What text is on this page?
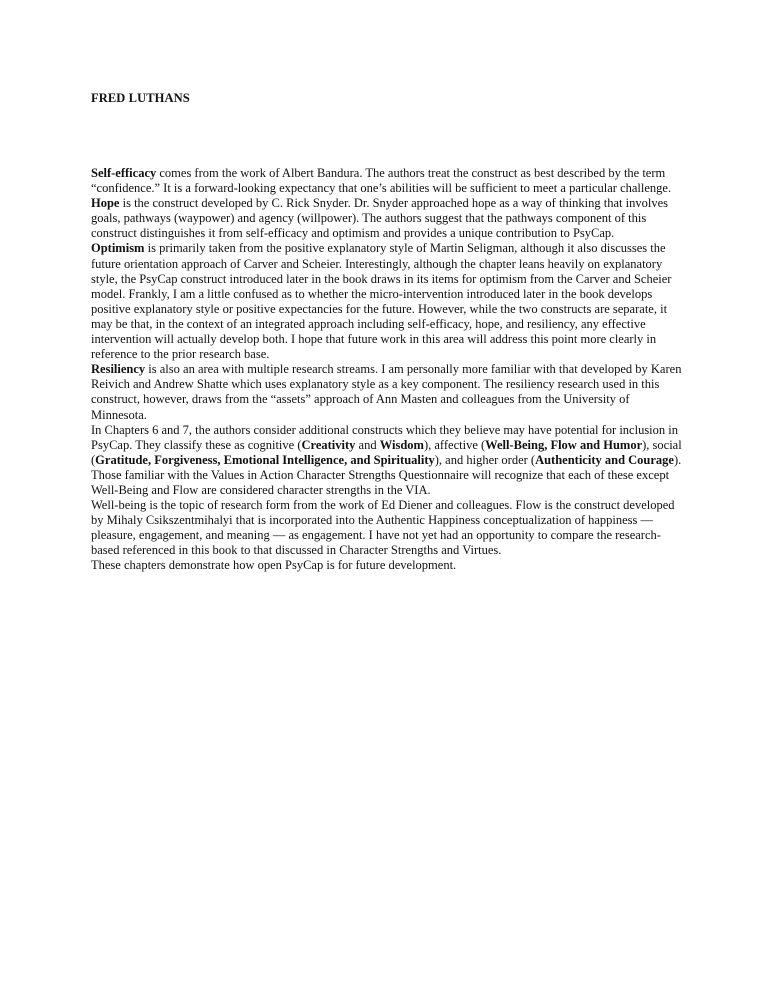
FRED LUTHANS

Self-efficacy comes from the work of Albert Bandura. The authors treat the construct as best described by the term “confidence.” It is a forward-looking expectancy that one’s abilities will be sufficient to meet a particular challenge.

Hope is the construct developed by C. Rick Snyder. Dr. Snyder approached hope as a way of thinking that involves goals, pathways (waypower) and agency (willpower). The authors suggest that the pathways component of this construct distinguishes it from self-efficacy and optimism and provides a unique contribution to PsyCap.

Optimism is primarily taken from the positive explanatory style of Martin Seligman, although it also discusses the future orientation approach of Carver and Scheier. Interestingly, although the chapter leans heavily on explanatory style, the PsyCap construct introduced later in the book draws in its items for optimism from the Carver and Scheier model. Frankly, I am a little confused as to whether the micro-intervention introduced later in the book develops positive explanatory style or positive expectancies for the future. However, while the two constructs are separate, it may be that, in the context of an integrated approach including self-efficacy, hope, and resiliency, any effective intervention will actually develop both. I hope that future work in this area will address this point more clearly in reference to the prior research base.

Resiliency is also an area with multiple research streams. I am personally more familiar with that developed by Karen Reivich and Andrew Shatte which uses explanatory style as a key component. The resiliency research used in this construct, however, draws from the “assets” approach of Ann Masten and colleagues from the University of Minnesota.

In Chapters 6 and 7, the authors consider additional constructs which they believe may have potential for inclusion in PsyCap. They classify these as cognitive (Creativity and Wisdom), affective (Well-Being, Flow and Humor), social (Gratitude, Forgiveness, Emotional Intelligence, and Spirituality), and higher order (Authenticity and Courage). Those familiar with the Values in Action Character Strengths Questionnaire will recognize that each of these except Well-Being and Flow are considered character strengths in the VIA.

Well-being is the topic of research form from the work of Ed Diener and colleagues. Flow is the construct developed by Mihaly Csikszentmihalyi that is incorporated into the Authentic Happiness conceptualization of happiness — pleasure, engagement, and meaning — as engagement. I have not yet had an opportunity to compare the research-based referenced in this book to that discussed in Character Strengths and Virtues.

These chapters demonstrate how open PsyCap is for future development.
